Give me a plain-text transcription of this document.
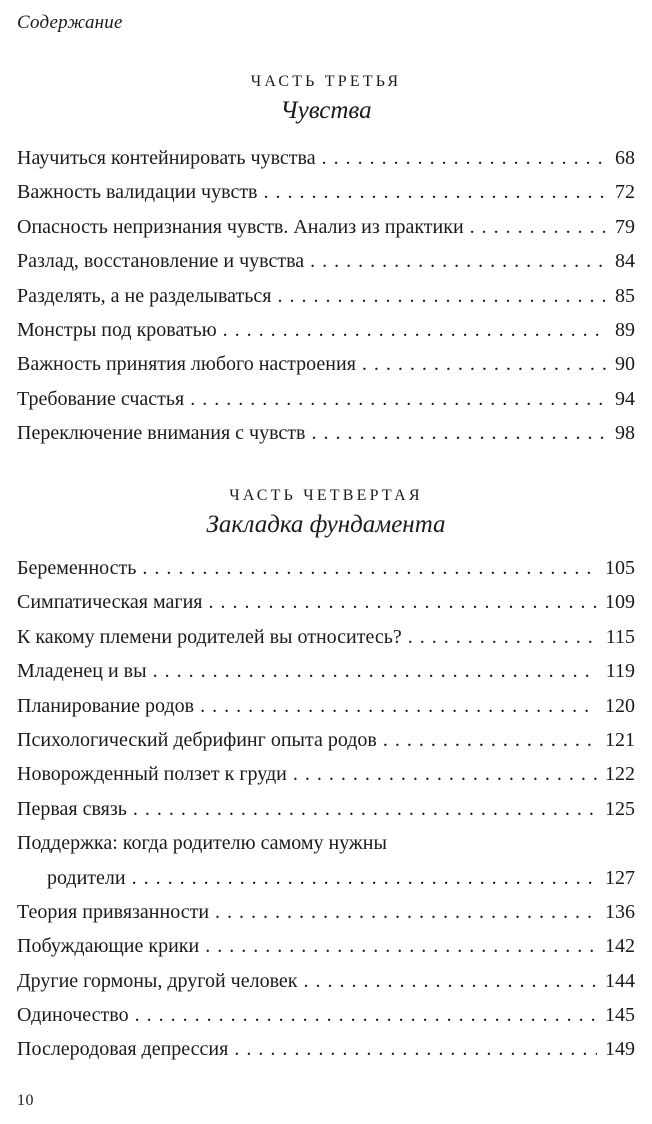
Содержание
ЧАСТЬ ТРЕТЬЯ
Чувства
Научиться контейнировать чувства . . .	68
Важность валидации чувств . . .	72
Опасность непризнания чувств. Анализ из практики . . .	79
Разлад, восстановление и чувства . . .	84
Разделять, а не разделываться . . .	85
Монстры под кроватью . . .	89
Важность принятия любого настроения . . .	90
Требование счастья . . .	94
Переключение внимания с чувств . . .	98
ЧАСТЬ ЧЕТВЕРТАЯ
Закладка фундамента
Беременность . . .	105
Симпатическая магия . . .	109
К какому племени родителей вы относитесь? . . .	115
Младенец и вы . . .	119
Планирование родов . . .	120
Психологический дебрифинг опыта родов . . .	121
Новорожденный ползет к груди . . .	122
Первая связь . . .	125
Поддержка: когда родителю самому нужны
родители . . .	127
Теория привязанности . . .	136
Побуждающие крики . . .	142
Другие гормоны, другой человек . . .	144
Одиночество . . .	145
Послеродовая депрессия . . .	149
10
